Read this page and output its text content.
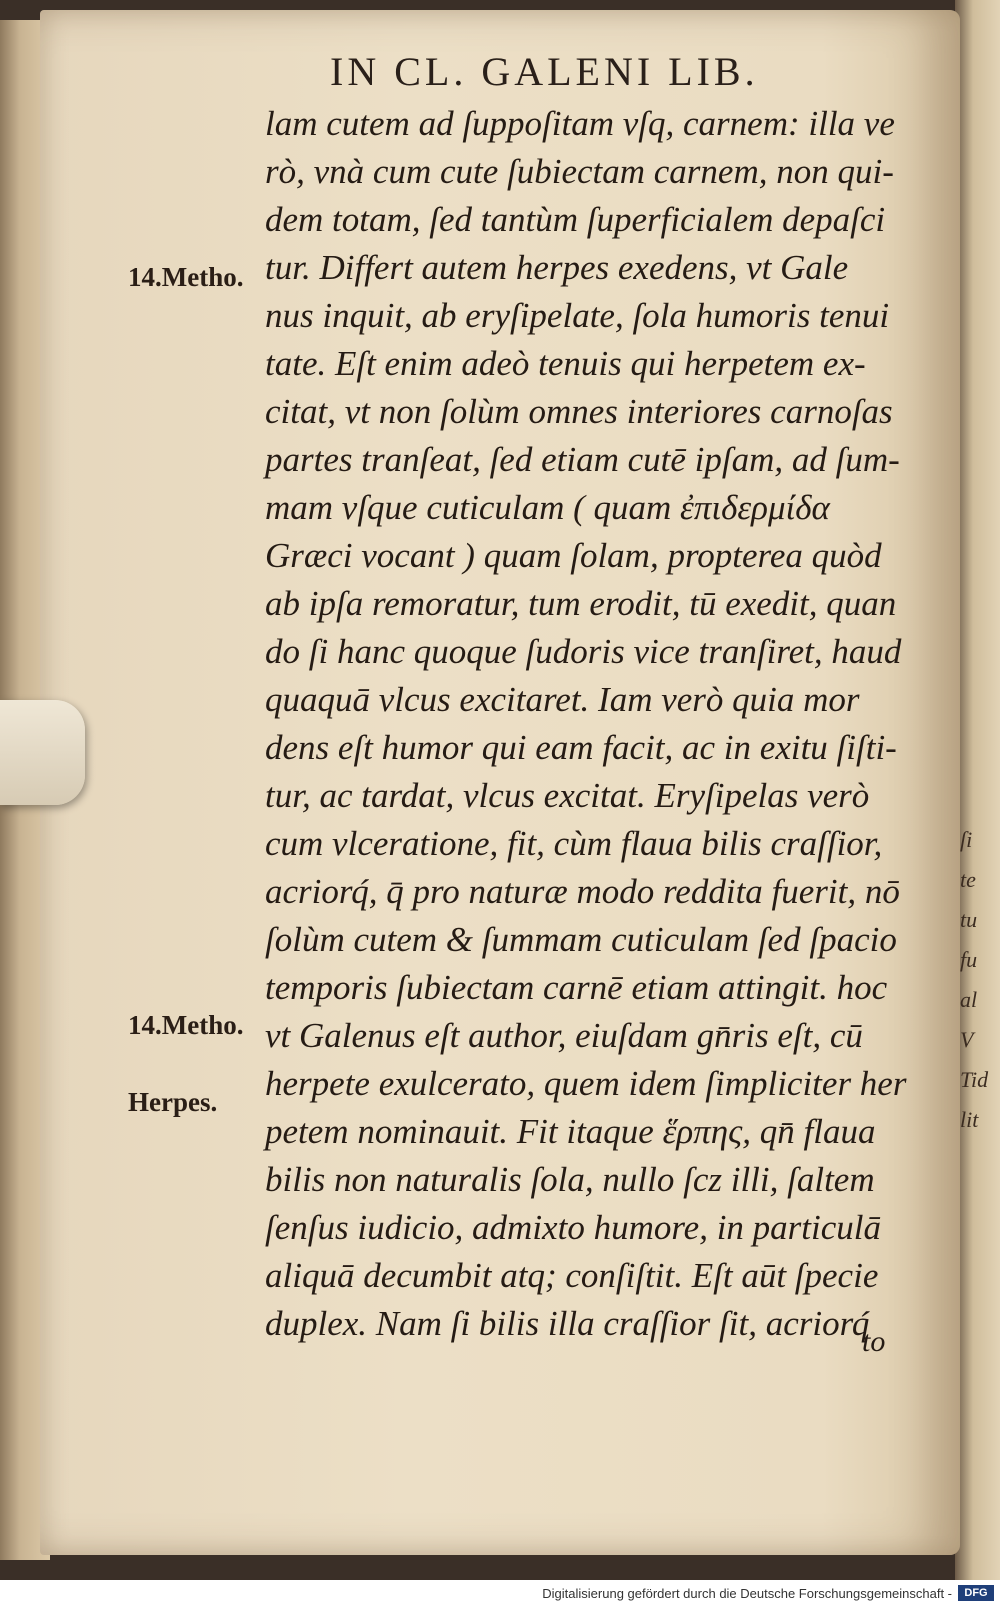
ſi
te
tu
fu
al
V
Tid
lit
IN CL. GALENI LIB.
lam cutem ad ſuppoſitam vſq, carnem: illa ve
rò, vnà cum cute ſubiectam carnem, non qui-
dem totam, ſed tantùm ſuperficialem depaſci
tur. Differt autem herpes exedens, vt Gale
nus inquit, ab eryſipelate, ſola humoris tenui
tate. Eſt enim adeò tenuis qui herpetem ex-
citat, vt non ſolùm omnes interiores carnoſas
partes tranſeat, ſed etiam cutē ipſam, ad ſum-
mam vſque cuticulam ( quam ἐπιδερμίδα
Græci vocant ) quam ſolam, propterea quòd
ab ipſa remoratur, tum erodit, tū exedit, quan
do ſi hanc quoque ſudoris vice tranſiret, haud
quaquā vlcus excitaret. Iam verò quia mor
dens eſt humor qui eam facit, ac in exitu ſiſti-
tur, ac tardat, vlcus excitat. Eryſipelas verò
cum vlceratione, fit, cùm flaua bilis craſſior,
acriorq́, q̄ pro naturæ modo reddita fuerit, nō
ſolùm cutem & ſummam cuticulam ſed ſpacio
temporis ſubiectam carnē etiam attingit. hoc
vt Galenus eſt author, eiuſdam gn̄ris eſt, cū
herpete exulcerato, quem idem ſimpliciter her
petem nominauit. Fit itaque ἕρπης, qn̄ flaua
bilis non naturalis ſola, nullo ſcz illi, ſaltem
ſenſus iudicio, admixto humore, in particulā
aliquā decumbit atq; conſiſtit. Eſt aūt ſpecie
duplex. Nam ſi bilis illa craſſior ſit, acriorq́
14.Metho.
14.Metho.
Herpes.
to
Digitalisierung gefördert durch die Deutsche Forschungsgemeinschaft -	DFG
